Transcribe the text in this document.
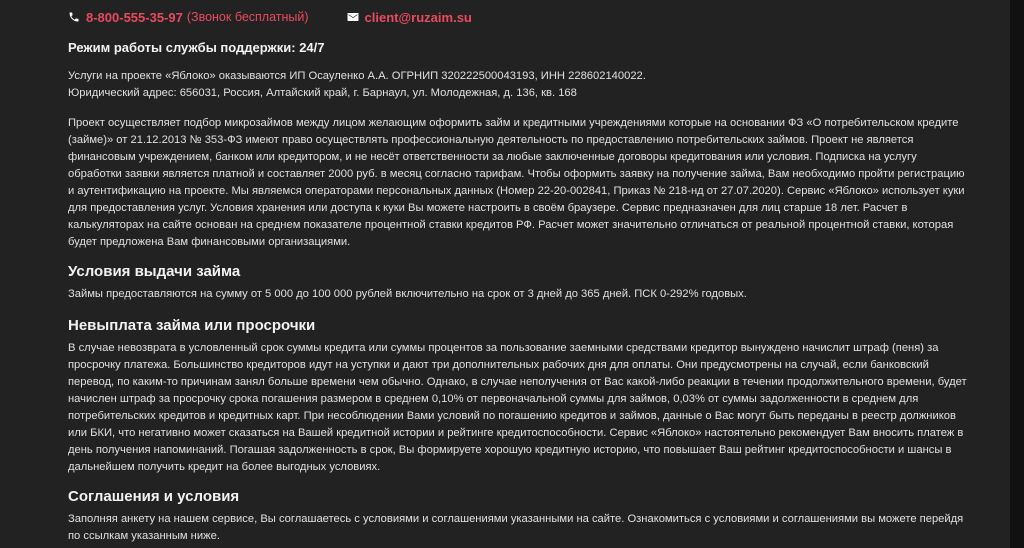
8-800-555-35-97 (Звонок бесплатный)	client@ruzaim.su
Режим работы службы поддержки: 24/7

Услуги на проекте «Яблоко» оказываются ИП Осауленко А.А. ОГРНИП 320222500043193, ИНН 228602140022.

Юридический адрес: 656031, Россия, Алтайский край, г. Барнаул, ул. Молодежная, д. 136, кв. 168

Проект осуществляет подбор микрозаймов между лицом желающим оформить займ и кредитными учреждениями которые на основании ФЗ «О потребительском кредите (займе)» от 21.12.2013 № 353-ФЗ имеют право осуществлять профессиональную деятельность по предоставлению потребительских займов. Проект не является финансовым учреждением, банком или кредитором, и не несёт ответственности за любые заключенные договоры кредитования или условия. Подписка на услугу обработки заявки является платной и составляет 2000 руб. в месяц согласно тарифам. Чтобы оформить заявку на получение займа, Вам необходимо пройти регистрацию и аутентификацию на проекте. Мы являемся операторами персональных данных (Номер 22-20-002841, Приказ № 218-нд от 27.07.2020). Сервис «Яблоко» использует куки для предоставления услуг. Условия хранения или доступа к куки Вы можете настроить в своём браузере. Сервис предназначен для лиц старше 18 лет. Расчет в калькуляторах на сайте основан на среднем показателе процентной ставки кредитов РФ. Расчет может значительно отличаться от реальной процентной ставки, которая будет предложена Вам финансовыми организациями.

Условия выдачи займа

Займы предоставляются на сумму от 5 000 до 100 000 рублей включительно на срок от 3 дней до 365 дней. ПСК 0-292% годовых.

Невыплата займа или просрочки

В случае невозврата в условленный срок суммы кредита или суммы процентов за пользование заемными средствами кредитор вынуждено начислит штраф (пеня) за просрочку платежа. Большинство кредиторов идут на уступки и дают три дополнительных рабочих дня для оплаты. Они предусмотрены на случай, если банковский перевод, по каким-то причинам занял больше времени чем обычно. Однако, в случае неполучения от Вас какой-либо реакции в течении продолжительного времени, будет начислен штраф за просрочку срока погашения размером в среднем 0,10% от первоначальной суммы для займов, 0,03% от суммы задолженности в среднем для потребительских кредитов и кредитных карт. При несоблюдении Вами условий по погашению кредитов и займов, данные о Вас могут быть переданы в реестр должников или БКИ, что негативно может сказаться на Вашей кредитной истории и рейтинге кредитоспособности. Сервис «Яблоко» настоятельно рекомендует Вам вносить платеж в день получения напоминаний. Погашая задолженность в срок, Вы формируете хорошую кредитную историю, что повышает Ваш рейтинг кредитоспособности и шансы в дальнейшем получить кредит на более выгодных условиях.

Соглашения и условия

Заполняя анкету на нашем сервисе, Вы соглашаетесь с условиями и соглашениями указанными на сайте. Ознакомиться с условиями и соглашениями вы можете перейдя по ссылкам указанным ниже.
